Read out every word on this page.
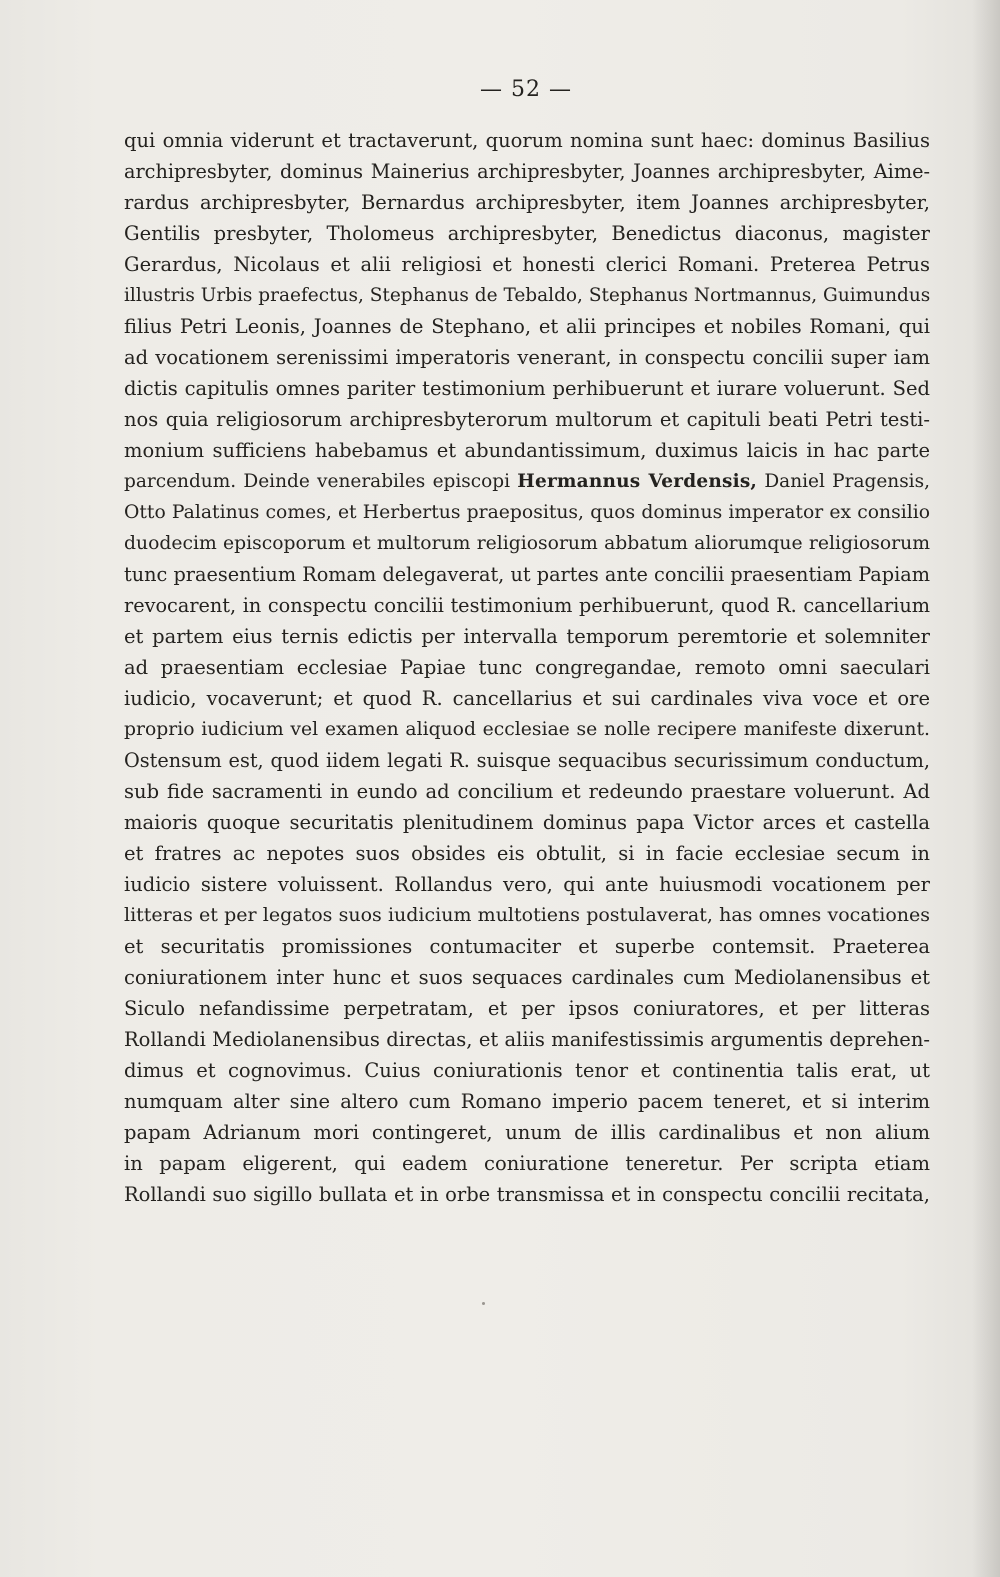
— 52 —
qui omnia viderunt et tractaverunt, quorum nomina sunt haec: dominus Basilius
archipresbyter, dominus Mainerius archipresbyter, Joannes archipresbyter, Aime-
rardus archipresbyter, Bernardus archipresbyter, item Joannes archipresbyter,
Gentilis presbyter, Tholomeus archipresbyter, Benedictus diaconus, magister
Gerardus, Nicolaus et alii religiosi et honesti clerici Romani. Preterea Petrus
illustris Urbis praefectus, Stephanus de Tebaldo, Stephanus Nortmannus, Guimundus
filius Petri Leonis, Joannes de Stephano, et alii principes et nobiles Romani, qui
ad vocationem serenissimi imperatoris venerant, in conspectu concilii super iam
dictis capitulis omnes pariter testimonium perhibuerunt et iurare voluerunt. Sed
nos quia religiosorum archipresbyterorum multorum et capituli beati Petri testi-
monium sufficiens habebamus et abundantissimum, duximus laicis in hac parte
parcendum. Deinde venerabiles episcopi Hermannus Verdensis, Daniel Pragensis,
Otto Palatinus comes, et Herbertus praepositus, quos dominus imperator ex consilio
duodecim episcoporum et multorum religiosorum abbatum aliorumque religiosorum
tunc praesentium Romam delegaverat, ut partes ante concilii praesentiam Papiam
revocarent, in conspectu concilii testimonium perhibuerunt, quod R. cancellarium
et partem eius ternis edictis per intervalla temporum peremtorie et solemniter
ad praesentiam ecclesiae Papiae tunc congregandae, remoto omni saeculari
iudicio, vocaverunt; et quod R. cancellarius et sui cardinales viva voce et ore
proprio iudicium vel examen aliquod ecclesiae se nolle recipere manifeste dixerunt.
Ostensum est, quod iidem legati R. suisque sequacibus securissimum conductum,
sub fide sacramenti in eundo ad concilium et redeundo praestare voluerunt. Ad
maioris quoque securitatis plenitudinem dominus papa Victor arces et castella
et fratres ac nepotes suos obsides eis obtulit, si in facie ecclesiae secum in
iudicio sistere voluissent. Rollandus vero, qui ante huiusmodi vocationem per
litteras et per legatos suos iudicium multotiens postulaverat, has omnes vocationes
et securitatis promissiones contumaciter et superbe contemsit. Praeterea
coniurationem inter hunc et suos sequaces cardinales cum Mediolanensibus et
Siculo nefandissime perpetratam, et per ipsos coniuratores, et per litteras
Rollandi Mediolanensibus directas, et aliis manifestissimis argumentis deprehen-
dimus et cognovimus. Cuius coniurationis tenor et continentia talis erat, ut
numquam alter sine altero cum Romano imperio pacem teneret, et si interim
papam Adrianum mori contingeret, unum de illis cardinalibus et non alium
in papam eligerent, qui eadem coniuratione teneretur. Per scripta etiam
Rollandi suo sigillo bullata et in orbe transmissa et in conspectu concilii recitata,
